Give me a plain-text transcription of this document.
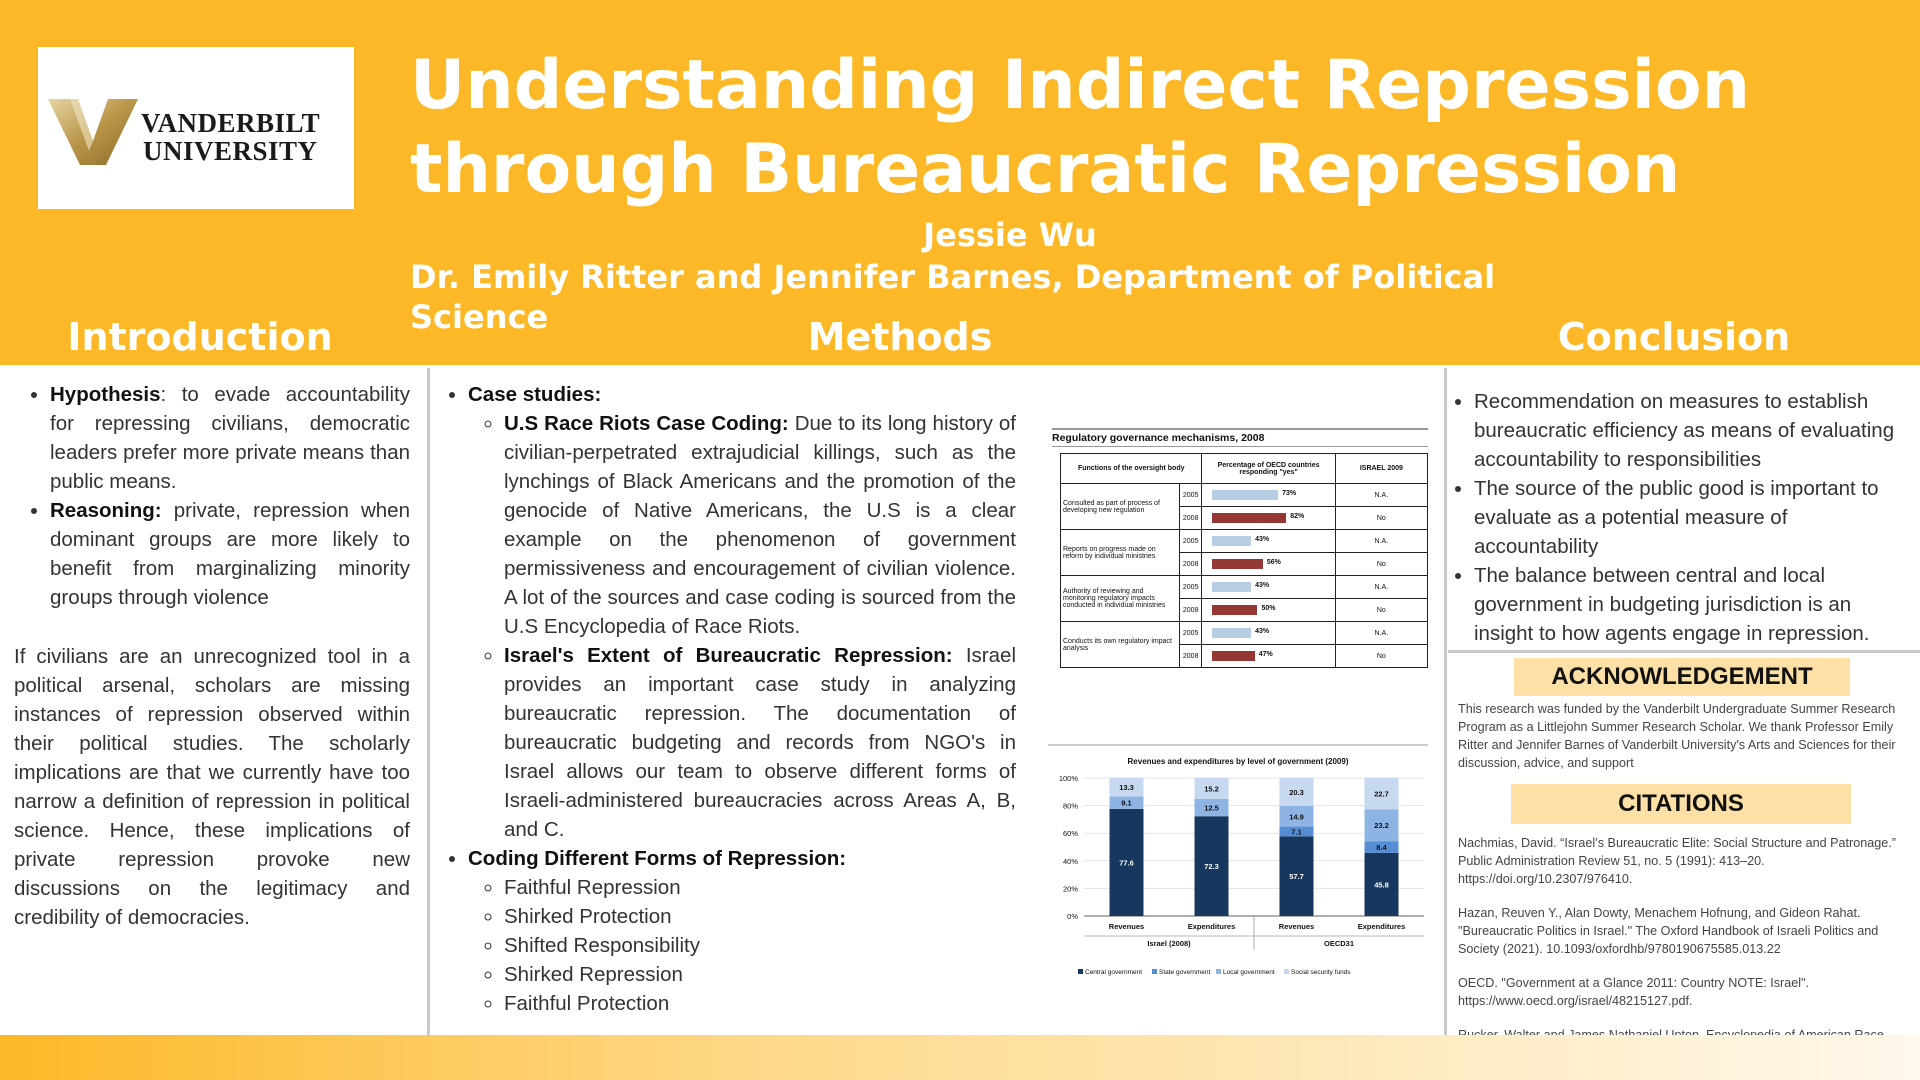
VANDERBILT
UNIVERSITY
Understanding Indirect Repression through Bureaucratic Repression
Jessie Wu
Dr. Emily Ritter and Jennifer Barnes, Department of Political Science
Introduction	Methods	Conclusion
• Hypothesis: to evade accountability for repressing civilians, democratic leaders prefer more private means than public means.
• Reasoning: private, repression when dominant groups are more likely to benefit from marginalizing minority groups through violence

If civilians are an unrecognized tool in a political arsenal, scholars are missing instances of repression observed within their political studies. The scholarly implications are that we currently have too narrow a definition of repression in political science. Hence, these implications of private repression provoke new discussions on the legitimacy and credibility of democracies.

• Case studies:
◦ U.S Race Riots Case Coding: Due to its long history of civilian-perpetrated extrajudicial killings, such as the lynchings of Black Americans and the promotion of the genocide of Native Americans, the U.S is a clear example on the phenomenon of government permissiveness and encouragement of civilian violence. A lot of the sources and case coding is sourced from the U.S Encyclopedia of Race Riots.
◦ Israel's Extent of Bureaucratic Repression: Israel provides an important case study in analyzing bureaucratic repression. The documentation of bureaucratic budgeting and records from NGO's in Israel allows our team to observe different forms of Israeli-administered bureaucracies across Areas A, B, and C.
• Coding Different Forms of Repression:
◦ Faithful Repression
◦ Shirked Protection
◦ Shifted Responsibility
◦ Shirked Repression
◦ Faithful Protection
Regulatory governance mechanisms, 2008
Functions of the oversight body		Percentage of OECD countries responding "yes"	ISRAEL 2009
Consulted as part of process of developing new regulation	2005	73%	N.A.
	2008	82%	No
Reports on progress made on reform by individual ministries	2005	43%	N.A.
	2008	56%	No
Authority of reviewing and monitoring regulatory impacts conducted in individual ministries	2005	43%	N.A.
	2008	50%	No
Conducts its own regulatory impact analysis	2005	43%	N.A.
	2008	47%	No
Revenues and expenditures by level of government (2009)
0%
20%
40%
60%
80%
100%
77.6
9.1
13.3
Revenues
72.3
12.5
15.2
Expenditures
57.7
7.1
14.9
20.3
Revenues
45.8
8.4
23.2
22.7
Expenditures
Israel (2008)	OECD31
Central government	State government Local government	Social security funds
• Recommendation on measures to establish bureaucratic efficiency as means of evaluating accountability to responsibilities
• The source of the public good is important to evaluate as a potential measure of accountability
• The balance between central and local government in budgeting jurisdiction is an insight to how agents engage in repression.
ACKNOWLEDGEMENT
This research was funded by the Vanderbilt Undergraduate Summer Research Program as a Littlejohn Summer Research Scholar. We thank Professor Emily Ritter and Jennifer Barnes of Vanderbilt University's Arts and Sciences for their discussion, advice, and support
CITATIONS
Nachmias, David. “Israel’s Bureaucratic Elite: Social Structure and Patronage.” Public Administration Review 51, no. 5 (1991): 413–20. https://doi.org/10.2307/976410.
Hazan, Reuven Y., Alan Dowty, Menachem Hofnung, and Gideon Rahat. "Bureaucratic Politics in Israel." The Oxford Handbook of Israeli Politics and Society (2021). 10.1093/oxfordhb/9780190675585.013.22
OECD. "Government at a Glance 2011: Country NOTE: Israel". https://www.oecd.org/israel/48215127.pdf.
